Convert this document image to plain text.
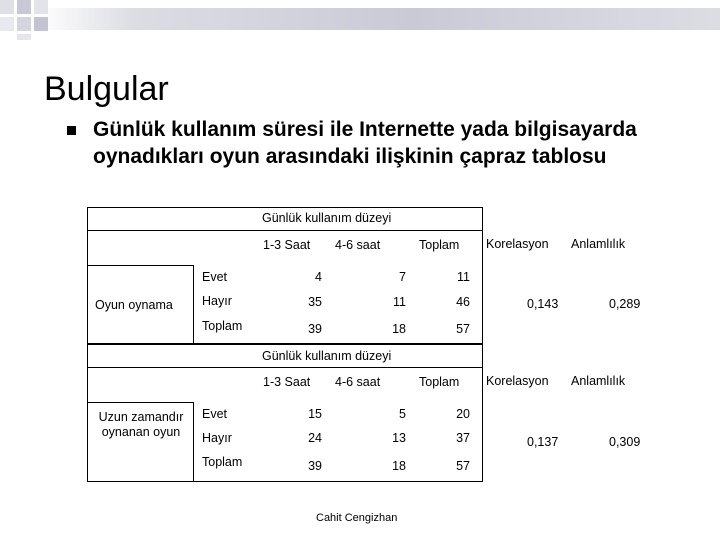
Bulgular
Günlük kullanım süresi ile Internette yada bilgisayarda oynadıkları oyun arasındaki ilişkinin çapraz tablosu
Günlük kullanım düzeyi
1-3 Saat 4-6 saat	Toplam
Oyun oynama
Evet	4	7	11
Hayır	35	11	46
Toplam	39	18	57
Korelasyon Anlamlılık
0,143	0,289
Günlük kullanım düzeyi
1-3 Saat 4-6 saat	Toplam
Uzun zamandır oynanan oyun
Evet	15	5	20
Hayır	24	13	37
Toplam	39	18	57
Korelasyon Anlamlılık
0,137	0,309
Cahit Cengizhan
